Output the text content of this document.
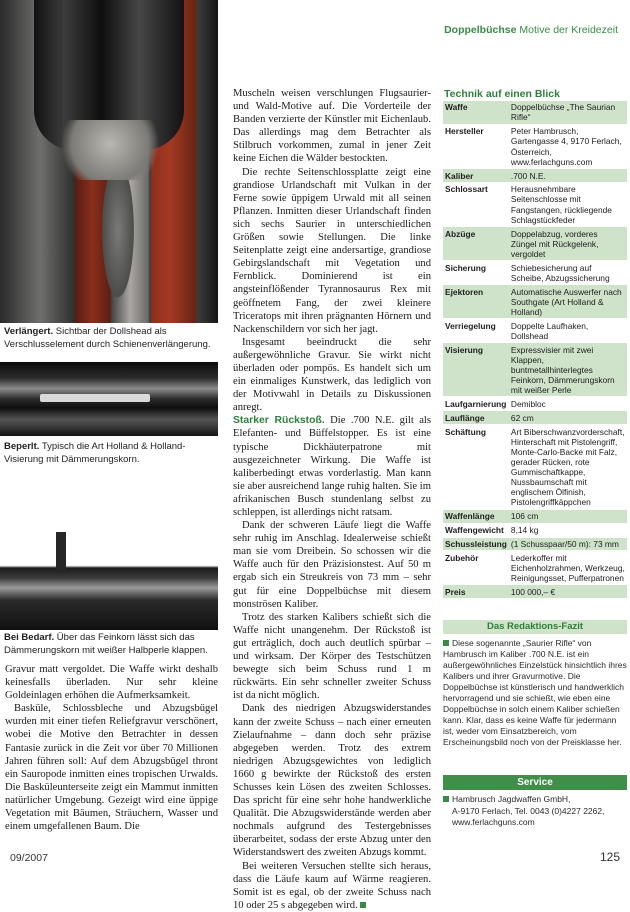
Doppelbüchse Motive der Kreidezeit
Verlängert. Sichtbar der Dollshead als Verschlusselement durch Schienenverlängerung.
Beperlt. Typisch die Art Holland & Holland-Visierung mit Dämmerungskorn.
Bei Bedarf. Über das Feinkorn lässt sich das Dämmerungskorn mit weißer Halbperle klappen.

Gravur matt vergoldet. Die Waffe wirkt deshalb keinesfalls überladen. Nur sehr kleine Goldeinlagen erhöhen die Aufmerksamkeit.

Basküle, Schlossbleche und Abzugsbügel wurden mit einer tiefen Reliefgravur verschönert, wobei die Motive den Betrachter in dessen Fantasie zurück in die Zeit vor über 70 Millionen Jahren führen soll: Auf dem Abzugsbügel thront ein Sauropode inmitten eines tropischen Urwalds. Die Basküleunterseite zeigt ein Mammut inmitten natürlicher Umgebung. Gezeigt wird eine üppige Vegetation mit Bäumen, Sträuchern, Wasser und einem umgefallenen Baum. Die

Muscheln weisen verschlungen Flugsaurier- und Wald-Motive auf. Die Vorderteile der Banden verzierte der Künstler mit Eichenlaub. Das allerdings mag dem Betrachter als Stilbruch vorkommen, zumal in jener Zeit keine Eichen die Wälder bestockten.

Die rechte Seitenschlossplatte zeigt eine grandiose Urlandschaft mit Vulkan in der Ferne sowie üppigem Urwald mit all seinen Pflanzen. Inmitten dieser Urlandschaft finden sich sechs Saurier in unterschiedlichen Größen sowie Stellungen. Die linke Seitenplatte zeigt eine andersartige, grandiose Gebirgslandschaft mit Vegetation und Fernblick. Dominierend ist ein angsteinflößender Tyrannosaurus Rex mit geöffnetem Fang, der zwei kleinere Triceratops mit ihren prägnanten Hörnern und Nackenschildern vor sich her jagt.

Insgesamt beeindruckt die sehr außergewöhnliche Gravur. Sie wirkt nicht überladen oder pompös. Es handelt sich um ein einmaliges Kunstwerk, das lediglich von der Motivwahl in Details zu Diskussionen anregt.

Starker Rückstoß. Die .700 N.E. gilt als Elefanten- und Büffelstopper. Es ist eine typische Dickhäuterpatrone mit ausgezeichneter Wirkung. Die Waffe ist kaliberbedingt etwas vorderlastig. Man kann sie aber ausreichend lange ruhig halten. Sie im afrikanischen Busch stundenlang selbst zu schleppen, ist allerdings nicht ratsam.

Dank der schweren Läufe liegt die Waffe sehr ruhig im Anschlag. Idealerweise schießt man sie vom Dreibein. So schossen wir die Waffe auch für den Präzisionstest. Auf 50 m ergab sich ein Streukreis von 73 mm – sehr gut für eine Doppelbüchse mit diesem monströsen Kaliber.

Trotz des starken Kalibers schießt sich die Waffe nicht unangenehm. Der Rückstoß ist gut erträglich, doch auch deutlich spürbar – und wirksam. Der Körper des Testschützen bewegte sich beim Schuss rund 1 m rückwärts. Ein sehr schneller zweiter Schuss ist da nicht möglich.

Dank des niedrigen Abzugswiderstandes kann der zweite Schuss – nach einer erneuten Zielaufnahme – dann doch sehr präzise abgegeben werden. Trotz des extrem niedrigen Abzugsgewichtes von lediglich 1660 g bewirkte der Rückstoß des ersten Schusses kein Lösen des zweiten Schlosses. Das spricht für eine sehr hohe handwerkliche Qualität. Die Abzugswiderstände werden aber nochmals aufgrund des Testergebnisses überarbeitet, sodass der erste Abzug unter den Widerstandswert des zweiten Abzugs kommt.

Bei weiteren Versuchen stellte sich heraus, dass die Läufe kaum auf Wärme reagieren. Somit ist es egal, ob der zweite Schuss nach 10 oder 25 s abgegeben wird.

Technik auf einen Blick
Waffe	Doppelbüchse „The Saurian Rifle“
Hersteller	Peter Hambrusch, Gartengasse 4, 9170 Ferlach, Österreich, www.ferlachguns.com
Kaliber	.700 N.E.
Schlossart	Herausnehmbare Seitenschlosse mit Fangstangen, rückliegende Schlagstückfeder
Abzüge	Doppelabzug, vorderes Züngel mit Rückgelenk, vergoldet
Sicherung	Schiebesicherung auf Scheibe, Abzugssicherung
Ejektoren	Automatische Auswerfer nach Southgate (Art Holland & Holland)
Verriegelung	Doppelte Laufhaken, Dollshead
Visierung	Expressvisier mit zwei Klappen, buntmetallhinterlegtes Feinkorn, Dämmerungskorn mit weißer Perle
Laufgarnierung	Demibloc
Lauflänge	62 cm
Schäftung	Art Biberschwanzvorderschaft, Hinterschaft mit Pistolengriff, Monte-Carlo-Backe mit Falz, gerader Rücken, rote Gummischaftkappe, Nussbaumschaft mit englischem Ölfinish, Pistolengriffkäppchen
Waffenlänge	106 cm
Waffengewicht	8,14 kg
Schussleistung	(1 Schusspaar/50 m): 73 mm
Zubehör	Lederkoffer mit Eichenholzrahmen, Werkzeug, Reinigungsset, Pufferpatronen
Preis	100 000,– €
Das Redaktions-Fazit
Diese sogenannte „Saurier Rifle“ von Hambrusch im Kaliber .700 N.E. ist ein außergewöhnliches Einzelstück hinsichtlich ihres Kalibers und ihrer Gravurmotive. Die Doppelbüchse ist künstlerisch und handwerklich hervorragend und sie schießt, wie eben eine Doppelbüchse in solch einem Kaliber schießen kann. Klar, dass es keine Waffe für jedermann ist, weder vom Einsatzbereich, vom Erscheinungsbild noch von der Preisklasse her.
Service
Hambrusch Jagdwaffen GmbH,
A-9170 Ferlach, Tel. 0043 (0)4227 2262,
www.ferlachguns.com
09/2007	125
